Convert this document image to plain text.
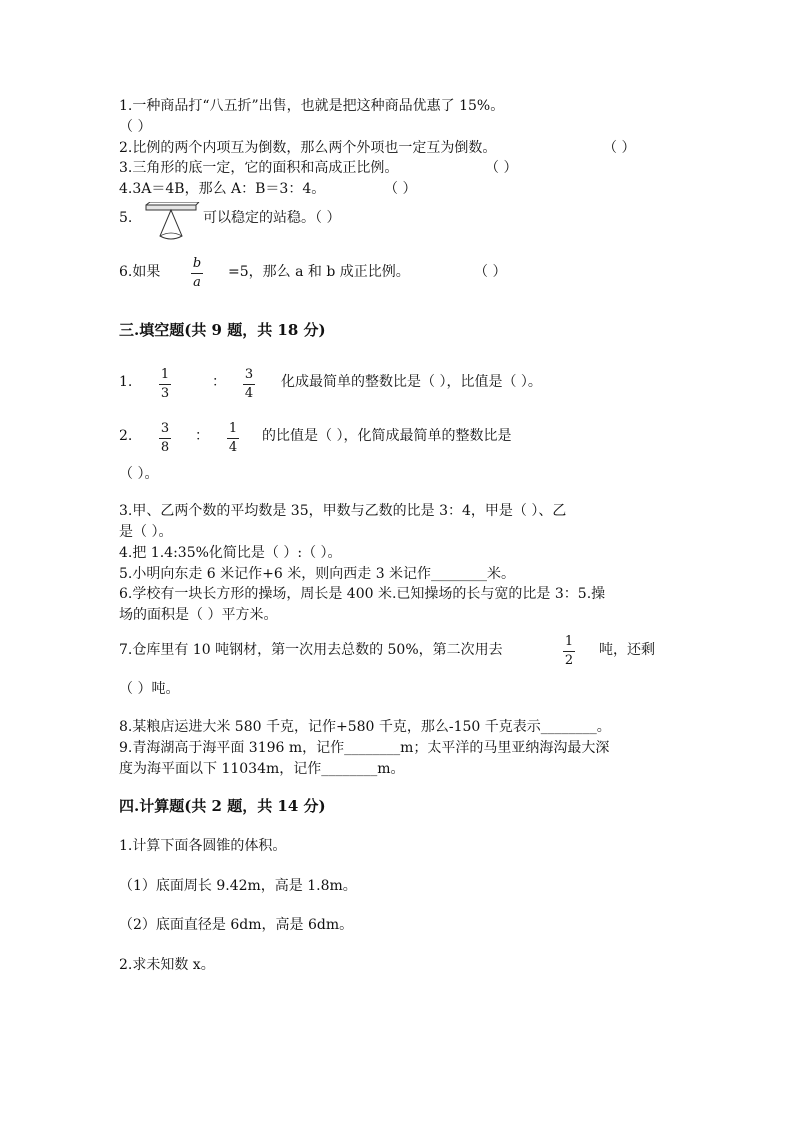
1.一种商品打“八五折”出售，也就是把这种商品优惠了 15%。
（ ）
2.比例的两个内项互为倒数，那么两个外项也一定互为倒数。	（ ）
3.三角形的底一定，它的面积和高成正比例。	（ ）
4.3A＝4B，那么 A：B＝3：4。	（ ）
5.	可以稳定的站稳。（ ）
6.如果
b
a
=5，那么 a 和 b 成正比例。	（ ）
三.填空题(共 9 题，共 18 分)
1. 1
3
： 3
4
化成最简单的整数比是（ ），比值是（ ）。
2. 3
8
： 1
4
的比值是（ ），化简成最简单的整数比是
（ ）。
3.甲、乙两个数的平均数是 35，甲数与乙数的比是 3：4，甲是（ ）、乙
是（ ）。
4.把 1.4:35%化简比是（ ）:（ ）。
5.小明向东走 6 米记作+6 米，则向西走 3 米记作________米。
6.学校有一块长方形的操场，周长是 400 米.已知操场的长与宽的比是 3：5.操
场的面积是（ ）平方米。
7.仓库里有 10 吨钢材，第一次用去总数的 50%，第二次用去
1
2
吨，还剩
（ ）吨。
8.某粮店运进大米 580 千克，记作+580 千克，那么-150 千克表示________。
9.青海湖高于海平面 3196 m，记作________m；太平洋的马里亚纳海沟最大深
度为海平面以下 11034m，记作________m。
四.计算题(共 2 题，共 14 分)
1.计算下面各圆锥的体积。
（1）底面周长 9.42m，高是 1.8m。
（2）底面直径是 6dm，高是 6dm。
2.求未知数 x。
